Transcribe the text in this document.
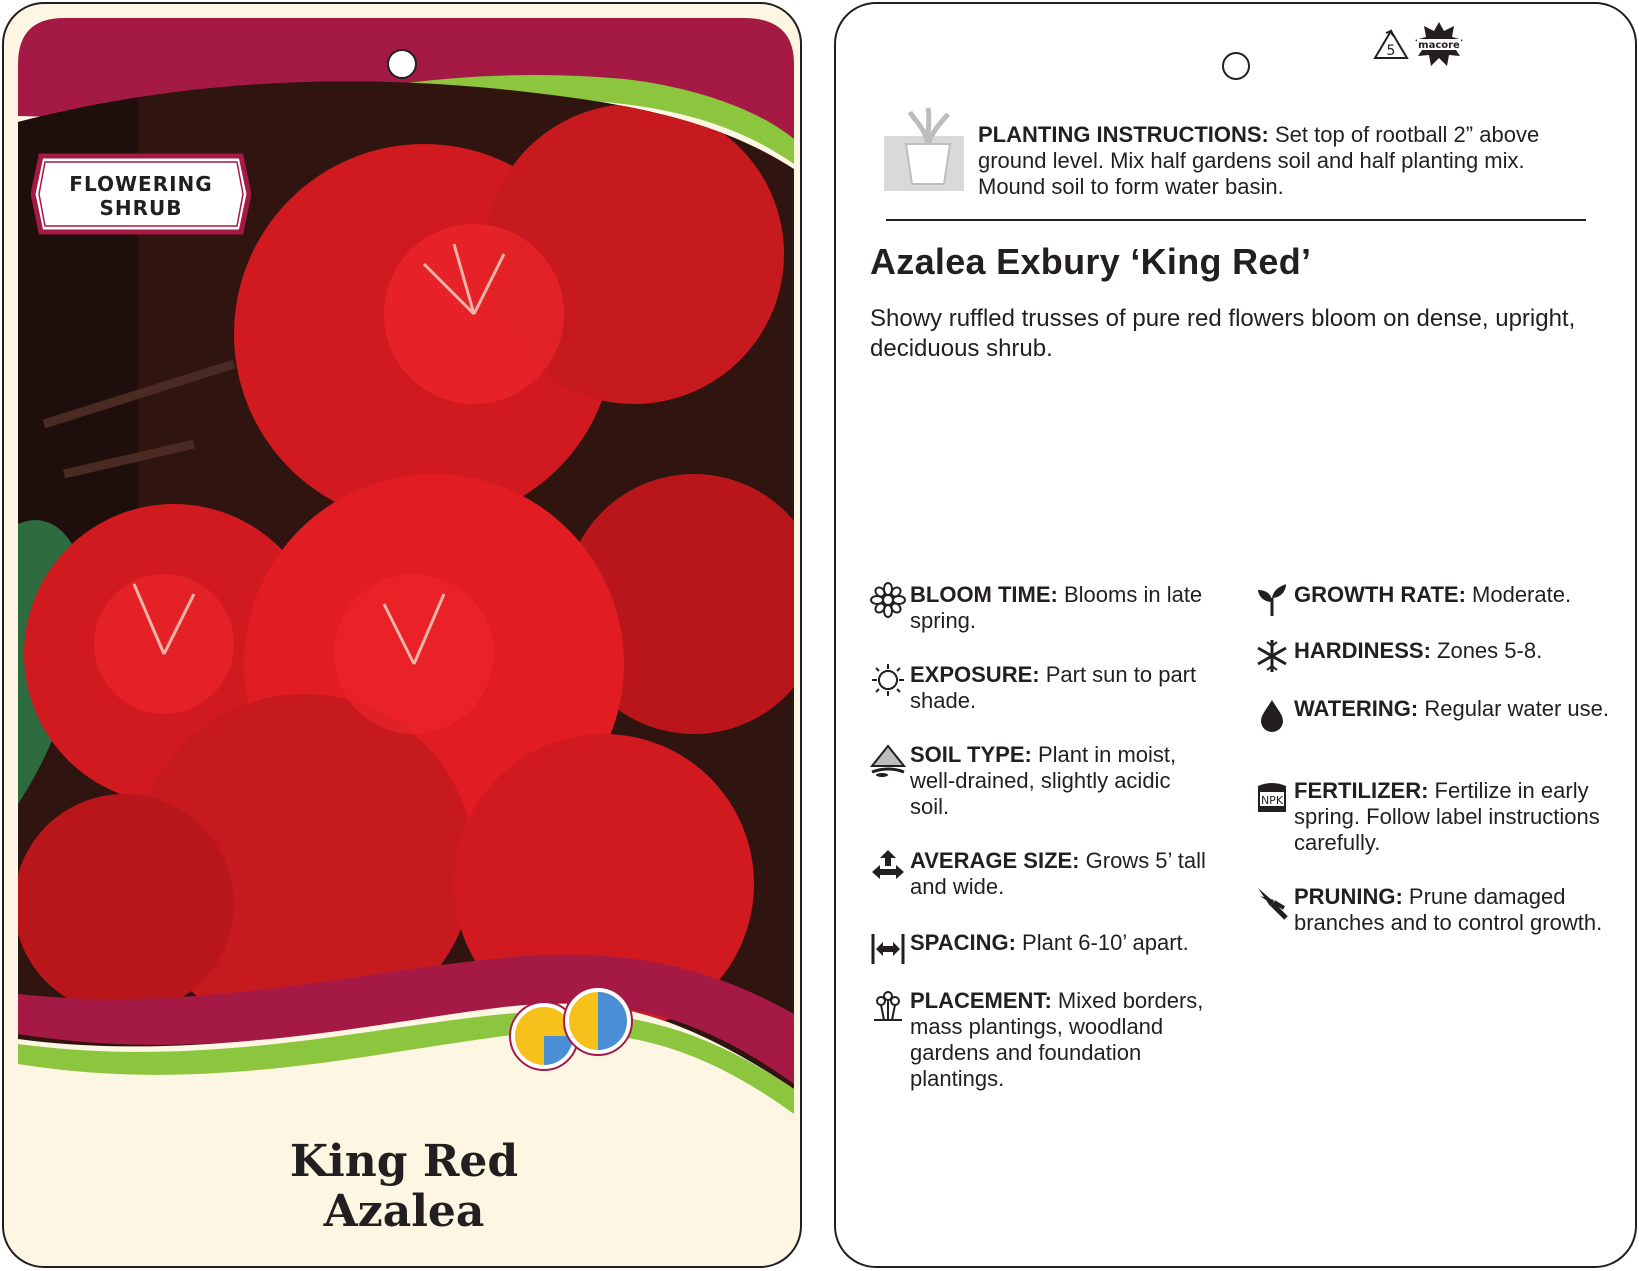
FLOWERING
SHRUB
King Red
Azalea
5 macore
PLANTING INSTRUCTIONS: Set top of rootball 2” above ground level. Mix half gardens soil and half planting mix. Mound soil to form water basin.
Azalea Exbury ‘King Red’
Showy ruffled trusses of pure red flowers bloom on dense, upright, deciduous shrub.
BLOOM TIME: Blooms in late spring.
EXPOSURE: Part sun to part shade.
SOIL TYPE: Plant in moist, well-drained, slightly acidic soil.
AVERAGE SIZE: Grows 5’ tall and wide.
SPACING: Plant 6-10’ apart.
PLACEMENT: Mixed borders, mass plantings, woodland gardens and foundation plantings.
GROWTH RATE: Moderate.
HARDINESS: Zones 5-8.
WATERING: Regular water use.
NPK FERTILIZER: Fertilize in early spring. Follow label instructions carefully.
PRUNING: Prune damaged branches and to control growth.
